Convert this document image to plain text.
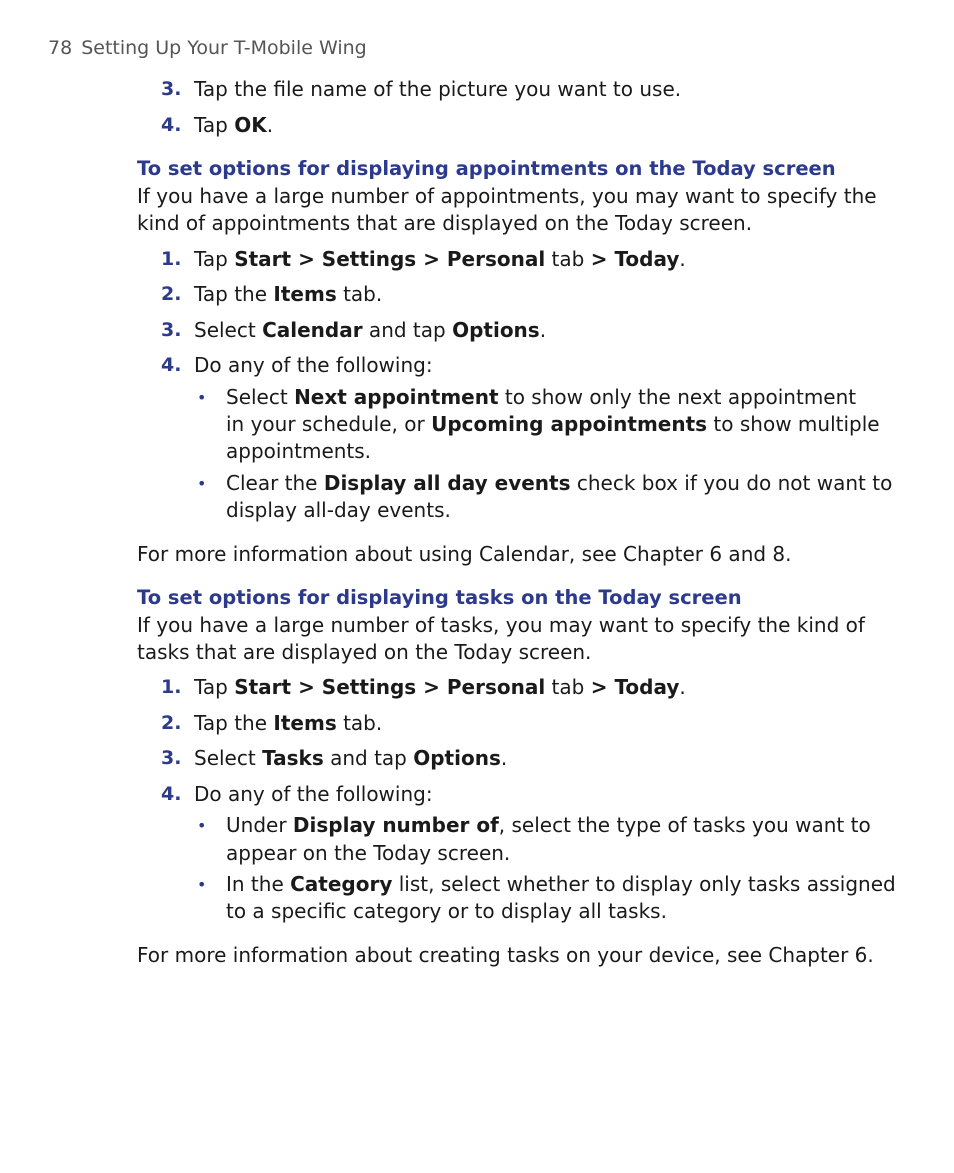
78 Setting Up Your T-Mobile Wing
3. Tap the file name of the picture you want to use.
4. Tap OK.
To set options for displaying appointments on the Today screen
If you have a large number of appointments, you may want to specify the
kind of appointments that are displayed on the Today screen.
1. Tap Start > Settings > Personal tab > Today.
2. Tap the Items tab.
3. Select Calendar and tap Options.
4. Do any of the following:
• Select Next appointment to show only the next appointment
in your schedule, or Upcoming appointments to show multiple
appointments.
• Clear the Display all day events check box if you do not want to
display all-day events.
For more information about using Calendar, see Chapter 6 and 8.
To set options for displaying tasks on the Today screen
If you have a large number of tasks, you may want to specify the kind of
tasks that are displayed on the Today screen.
1. Tap Start > Settings > Personal tab > Today.
2. Tap the Items tab.
3. Select Tasks and tap Options.
4. Do any of the following:
• Under Display number of, select the type of tasks you want to
appear on the Today screen.
• In the Category list, select whether to display only tasks assigned
to a specific category or to display all tasks.
For more information about creating tasks on your device, see Chapter 6.
